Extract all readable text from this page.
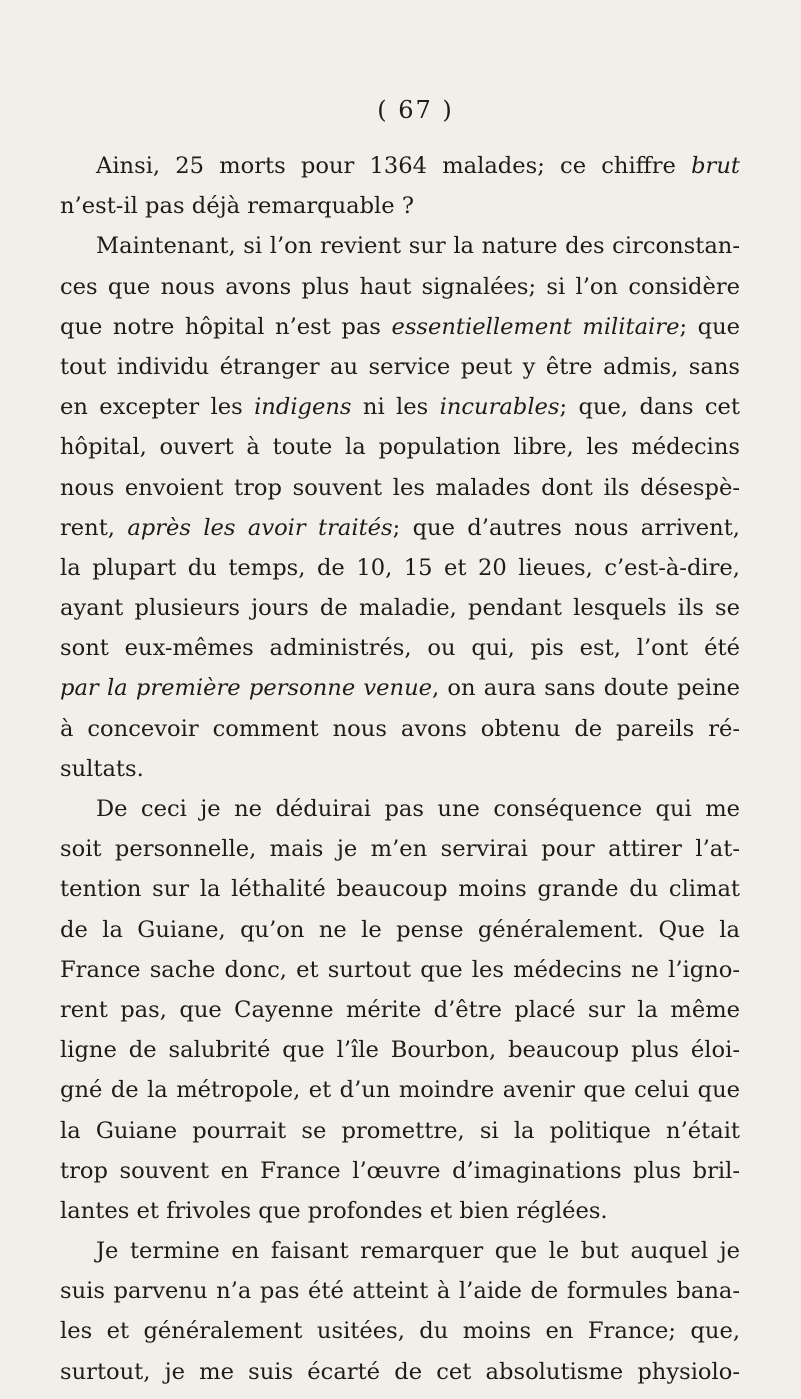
( 67 )
Ainsi, 25 morts pour 1364 malades; ce chiffre brut
n’est-il pas déjà remarquable ?
Maintenant, si l’on revient sur la nature des circonstan-
ces que nous avons plus haut signalées; si l’on considère
que notre hôpital n’est pas essentiellement militaire; que
tout individu étranger au service peut y être admis, sans
en excepter les indigens ni les incurables; que, dans cet
hôpital, ouvert à toute la population libre, les médecins
nous envoient trop souvent les malades dont ils désespè-
rent, après les avoir traités; que d’autres nous arrivent,
la plupart du temps, de 10, 15 et 20 lieues, c’est-à-dire,
ayant plusieurs jours de maladie, pendant lesquels ils se
sont eux-mêmes administrés, ou qui, pis est, l’ont été
par la première personne venue, on aura sans doute peine
à concevoir comment nous avons obtenu de pareils ré-
sultats.
De ceci je ne déduirai pas une conséquence qui me
soit personnelle, mais je m’en servirai pour attirer l’at-
tention sur la léthalité beaucoup moins grande du climat
de la Guiane, qu’on ne le pense généralement. Que la
France sache donc, et surtout que les médecins ne l’igno-
rent pas, que Cayenne mérite d’être placé sur la même
ligne de salubrité que l’île Bourbon, beaucoup plus éloi-
gné de la métropole, et d’un moindre avenir que celui que
la Guiane pourrait se promettre, si la politique n’était
trop souvent en France l’œuvre d’imaginations plus bril-
lantes et frivoles que profondes et bien réglées.
Je termine en faisant remarquer que le but auquel je
suis parvenu n’a pas été atteint à l’aide de formules bana-
les et généralement usitées, du moins en France; que,
surtout, je me suis écarté de cet absolutisme physiolo-
